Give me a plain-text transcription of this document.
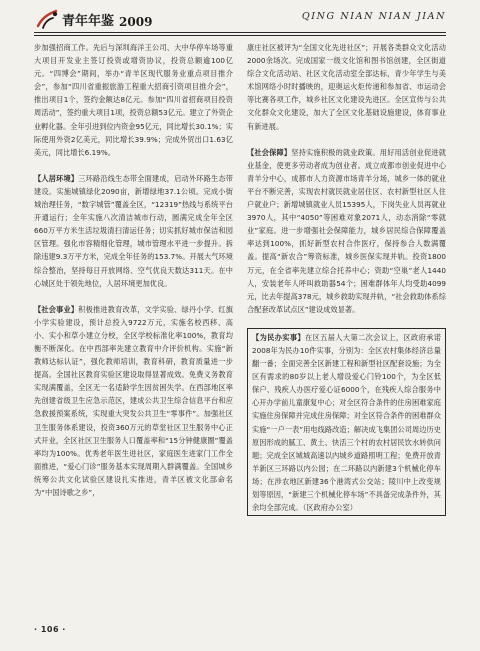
青年年鉴 2009	QING NIAN NIAN JIAN

步加强招商工作。先后与深圳海洋王公司、大中华停车场等重大项目开发业主签订投资或增资协议，投资总额逾100亿元。“四博会”期间，举办“青羊区现代服务业重点项目推介会”，参加“四川省重振旅游工程重大招商引资项目推介会”，推出项目1个，签约金额达8亿元。参加“四川省招商项目投资周活动”，签约重大项目1项，投资总额53亿元。建立了外资企业孵化器。全年引进到位内资金95亿元，同比增长30.1%；实际使用外资2亿美元，同比增长39.9%；完成外贸出口1.63亿美元，同比增长6.19%。

【人居环境】三环路沿线生态带全面建成，启动外环路生态带建设。实施城镇绿化2090亩，新增绿地37.1公顷。完成小街城治理任务，“数字城管”覆盖全区，“12319”热线与系统平台开通运行；全年实施八次清洁城市行动，圆满完成全年全区660万平方米生活垃圾清扫清运任务；切实抓好城市保洁和园区管理。强化市容精细化管理，城市管理水平进一步提升。拆除违建9.3万平方米，完成全年任务的153.7%。开展大气环境综合整治，坚持每日开放网络、空气优良天数达311天。在中心城区处于领先地位，人居环境更加优良。

【社会事业】积极推进教育改革，文学实验、绿丹小学、红旗小学实验建设，预计总投入9722万元，实施名校西移、高小、实小和草小建立分校，全区学校标准化率100%，教育均衡不断深化。在中西部率先建立教育中介评价机构。实施“新教师达标认证”，强化教师培训，教育科研，教育质量进一步提高。全国社区教育实验区建设取得显著成效。免费义务教育实现满覆盖，全区无一名适龄学生因贫困失学。在西部地区率先创建省级卫生应急示范区，建成公共卫生综合信息平台和应急救援预案系统，实现重大突发公共卫生“零事件”。加强社区卫生服务体系建设，投资360万元的草堂社区卫生服务中心正式开业，全区社区卫生服务人口覆盖率和“15分钟健康圈”覆盖率均为100%。优秀老年医生进社区，家庭医生进家门工作全面推进，“爱心门诊”服务基本实现周期入群满覆盖。全国城乡统筹公共文化试验区建设扎实推进，青羊区被文化部命名为“中国诗歌之乡”，

康庄社区被评为“全国文化先进社区”；开展各类群众文化活动2000余场次。完成国家一级文化馆和图书馆创建，全区街道综合文化活动站、社区文化活动室全部达标，青少年学生与美术馆网络小时时播映的，迎奥运火炬传递和参加省、市运动会等比赛各项工作，城乡社区文化建设先进区。全区宣传与公共文化群众文化建设，加大了全区文化基础设施建设，体育事业有新进展。

【社会保障】坚持实施积极的就业政策。用好用活创业促进就业基金，使更多劳动者成为创业者。成立成都市创业促进中心青羊分中心，成都市人力资源市场青羊分场，城乡一体的就业平台不断完善，实现农村就民就业居住区、农村新型社区人住户就业户；新增城镇就业人员15395人，下岗失业人员再就业3970人，其中“4050”等困难对象2071人，动态消除“零就业”家庭。进一步增强社会保障能力，城乡居民综合保障覆盖率达到100%，抓好新型农村合作医疗，保持参合人数满覆盖。提高“新农合”筹资标准，城乡医保实现并轨。投资1800万元，在全省率先建立综合托养中心；资助“空巢”老人1440人，安装老年人呼叫救助器54个；困难群体年人均受助4099元，比去年提高378元，城乡救助实现并轨，“社会救助体系综合配套改革试点区”建设成效显著。

【为民办实事】在区五届人大第二次会议上，区政府承诺2008年为民办10件实事，分别为：全区农村集体经济总量翻一番；全面完善全区新建工程和新型社区配套设施；为全区有需求的80岁以上老人增设爱心门铃100个，为全区低保户、残疾人办医疗爱心证6000个，在残疾人综合服务中心开办学前儿童康复中心；对全区符合条件的住房困难家庭实施住房保障并完成住房保障；对全区符合条件的困难群众实施“一户一表”用电线路改造；解决成飞集团公司周边历史原因形成的腻工、黄土、快活三个村的农村居民饮水转供问题；完成全区城城高速以内城乡道路照明工程；免费开放青羊新区三环路以内公园；在二环路以内新建3个机械化停车场；在涉农地区新建36个港湾式公交站；陵川中上改变规划等原因，“新建三个机械化停车场”不具备完成条件外，其余均全部完成。（区政府办公室）

· 106 ·
